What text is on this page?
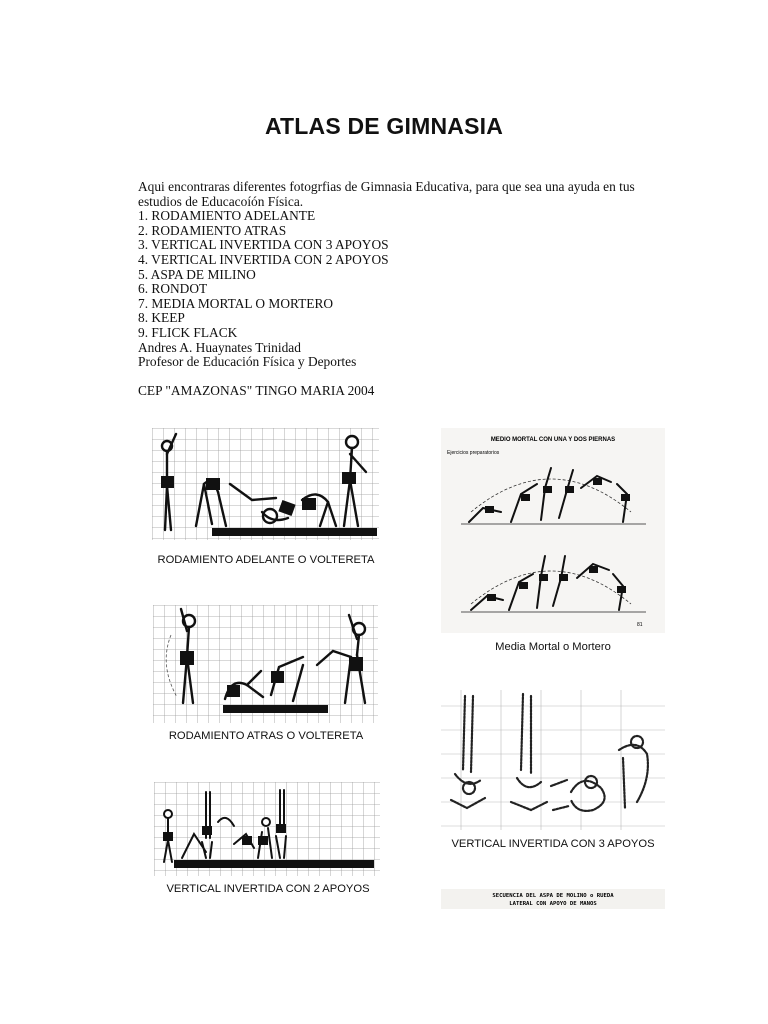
ATLAS DE GIMNASIA
Aqui encontraras diferentes fotogrfias de Gimnasia Educativa, para que sea una ayuda en tus
estudios de Educacoíón Física.
1. RODAMIENTO ADELANTE
2. RODAMIENTO ATRAS
3. VERTICAL INVERTIDA CON 3 APOYOS
4. VERTICAL INVERTIDA CON 2 APOYOS
5. ASPA DE MILINO
6. RONDOT
7. MEDIA MORTAL O MORTERO
8. KEEP
9. FLICK FLACK
Andres A. Huaynates Trinidad
Profesor de Educación Física y Deportes
CEP "AMAZONAS" TINGO MARIA 2004
RODAMIENTO ADELANTE O VOLTERETA
MEDIO MORTAL CON UNA Y DOS PIERNAS
Ejercicios preparatorios
81
Media Mortal o Mortero
RODAMIENTO ATRAS O VOLTERETA
VERTICAL INVERTIDA CON 3 APOYOS
VERTICAL INVERTIDA CON 2 APOYOS
SECUENCIA DEL ASPA DE MOLINO o RUEDA
LATERAL CON APOYO DE MANOS
